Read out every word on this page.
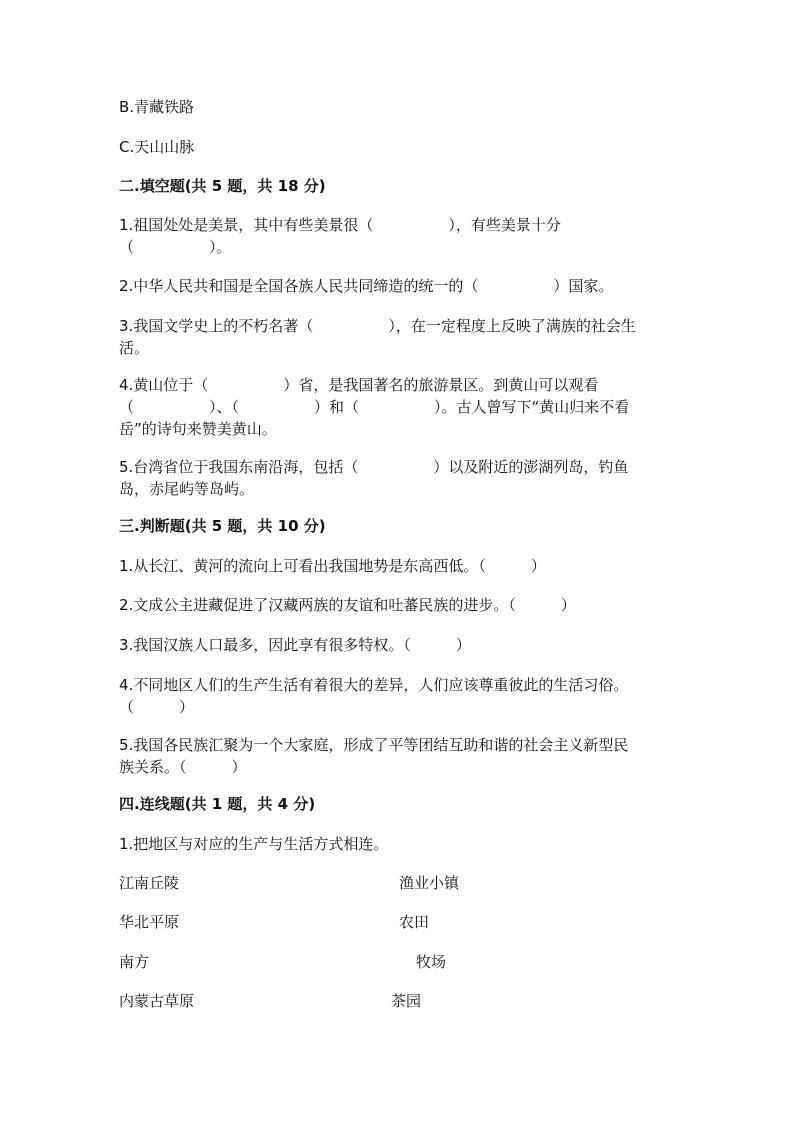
B.青藏铁路
C.天山山脉
二.填空题(共 5 题，共 18 分)
1.祖国处处是美景，其中有些美景很（　　　　　），有些美景十分
（　　　　　）。
2.中华人民共和国是全国各族人民共同缔造的统一的（　　　　　）国家。
3.我国文学史上的不朽名著（　　　　　），在一定程度上反映了满族的社会生
活。
4.黄山位于（　　　　　）省，是我国著名的旅游景区。到黄山可以观看
（　　　　　）、（　　　　　）和（　　　　　）。古人曾写下“黄山归来不看
岳”的诗句来赞美黄山。
5.台湾省位于我国东南沿海，包括（　　　　　）以及附近的澎湖列岛，钓鱼
岛，赤尾屿等岛屿。
三.判断题(共 5 题，共 10 分)
1.从长江、黄河的流向上可看出我国地势是东高西低。（　　　）
2.文成公主进藏促进了汉藏两族的友谊和吐蕃民族的进步。（　　　）
3.我国汉族人口最多，因此享有很多特权。（　　　）
4.不同地区人们的生产生活有着很大的差异，人们应该尊重彼此的生活习俗。
（　　　）
5.我国各民族汇聚为一个大家庭，形成了平等团结互助和谐的社会主义新型民
族关系。（　　　）
四.连线题(共 1 题，共 4 分)
1.把地区与对应的生产与生活方式相连。
江南丘陵	渔业小镇
华北平原	农田
南方	牧场
内蒙古草原	茶园
